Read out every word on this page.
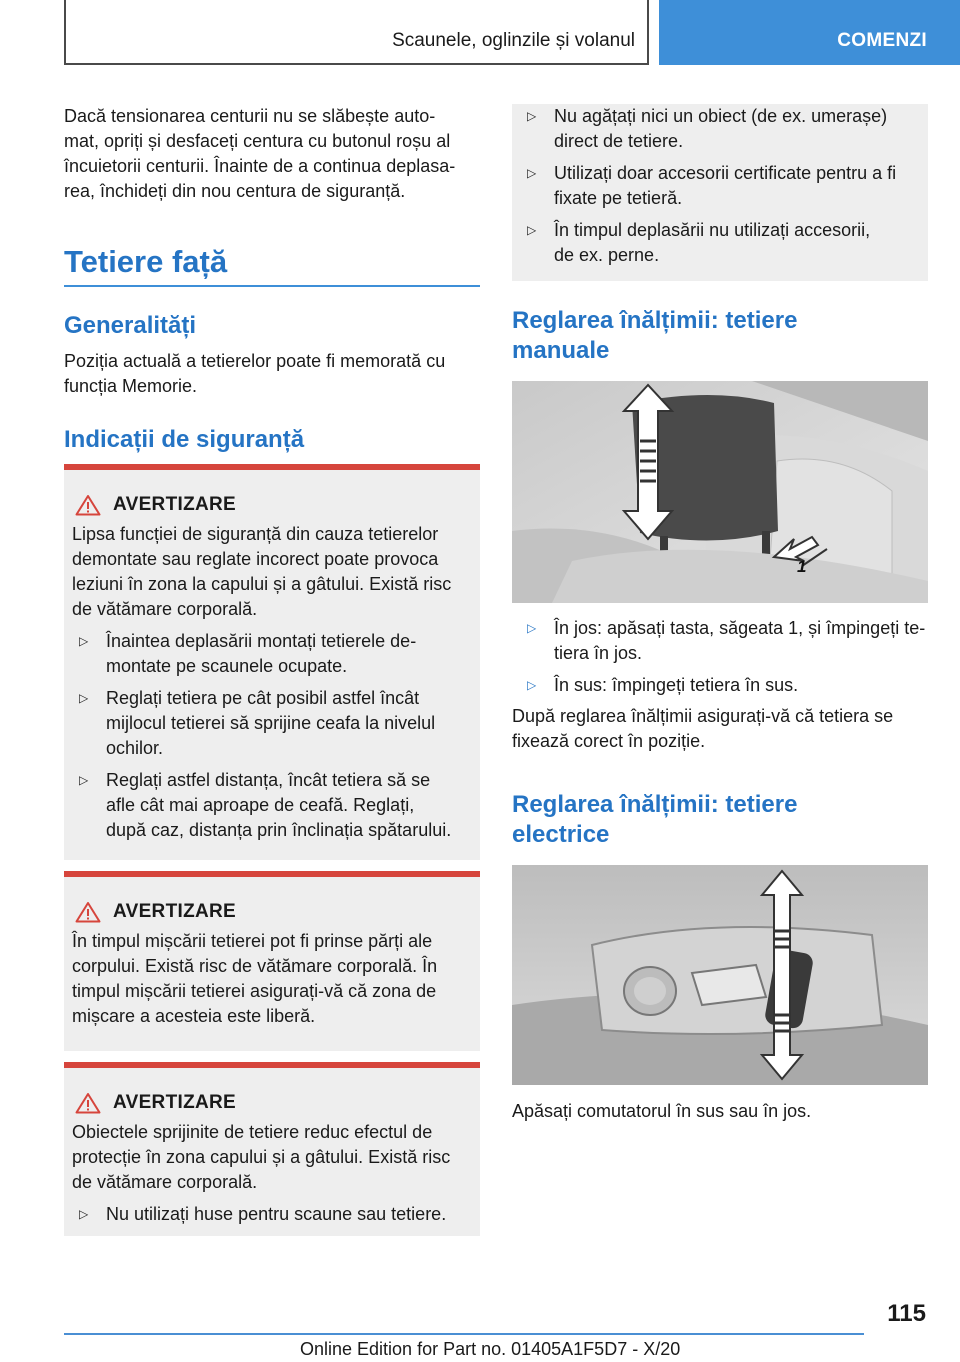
Scaunele, oglinzile și volanul	COMENZI
Dacă tensionarea centurii nu se slăbește auto‐
mat, opriți și desfaceți centura cu butonul roșu al
încuietorii centurii. Înainte de a continua deplasa‐
rea, închideți din nou centura de siguranță.
Tetiere față
Generalități
Poziția actuală a tetierelor poate fi memorată cu
funcția Memorie.
Indicații de siguranță
AVERTIZARE
Lipsa funcției de siguranță din cauza tetierelor
demontate sau reglate incorect poate provoca
leziuni în zona la capului și a gâtului. Există risc
de vătămare corporală.
▷ Înaintea deplasării montați tetierele de‐
montate pe scaunele ocupate.
▷ Reglați tetiera pe cât posibil astfel încât
mijlocul tetierei să sprijine ceafa la nivelul
ochilor.
▷ Reglați astfel distanța, încât tetiera să se
afle cât mai aproape de ceafă. Reglați,
după caz, distanța prin înclinația spătarului.
AVERTIZARE
În timpul mișcării tetierei pot fi prinse părți ale
corpului. Există risc de vătămare corporală. În
timpul mișcării tetierei asigurați-vă că zona de
mișcare a acesteia este liberă.
AVERTIZARE
Obiectele sprijinite de tetiere reduc efectul de
protecție în zona capului și a gâtului. Există risc
de vătămare corporală.
▷ Nu utilizați huse pentru scaune sau tetiere.
▷ Nu agățați nici un obiect (de ex. umerașe)
direct de tetiere.
▷ Utilizați doar accesorii certificate pentru a fi
fixate pe tetieră.
▷ În timpul deplasării nu utilizați accesorii,
de ex. perne.
Reglarea înălțimii: tetiere
manuale
1
▷ În jos: apăsați tasta, săgeata 1, și împingeți te‐
tiera în jos.
▷ În sus: împingeți tetiera în sus.
După reglarea înălțimii asigurați-vă că tetiera se
fixează corect în poziție.
Reglarea înălțimii: tetiere
electrice
Apăsați comutatorul în sus sau în jos.
115
Online Edition for Part no. 01405A1F5D7 - X/20
